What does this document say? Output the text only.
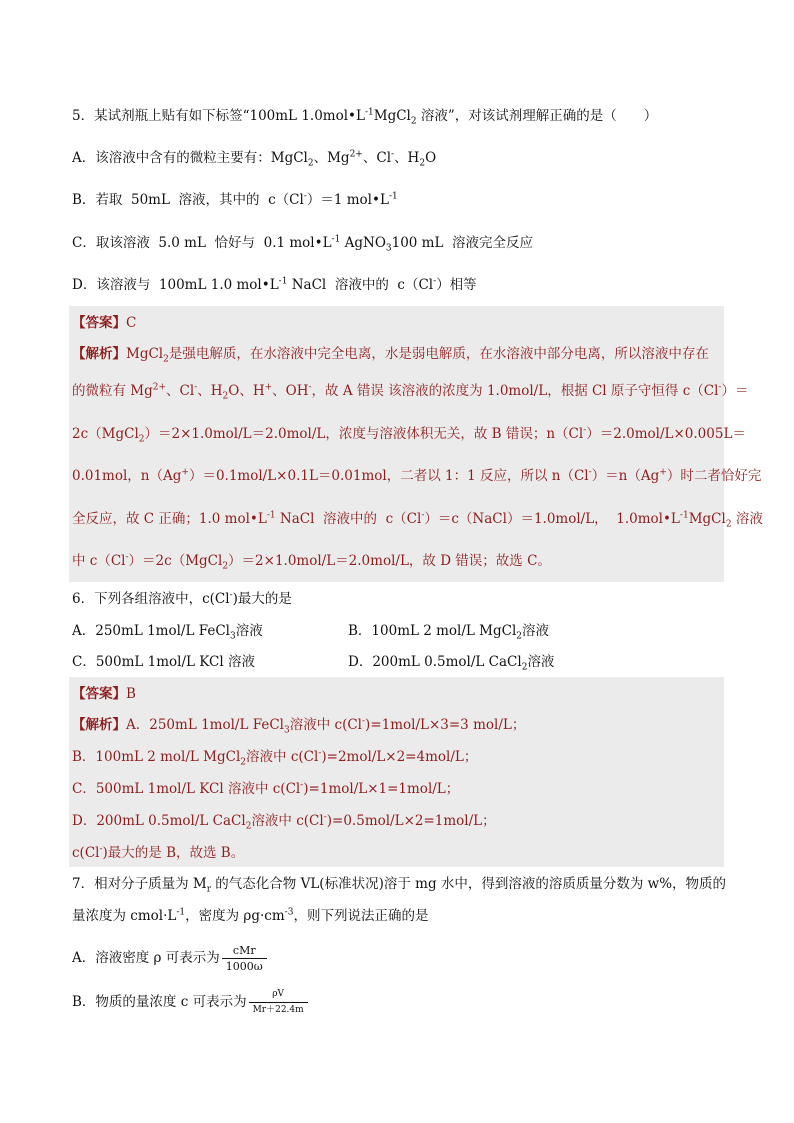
5．某试剂瓶上贴有如下标签“100mL $1.0mol•L^{-1}MgCl_2$ 溶液”，对该试剂理解正确的是（　　）
A．该溶液中含有的微粒主要有：MgCl$_2$、$Mg^{2+}$、Cl-、$H_2O$
B．若取  50mL  溶液，其中的  c（Cl-）＝1 $mol•L^{-1}$
C．取该溶液  5.0 mL  恰好与  0.1 $mol•L^{-1}$ AgNO$_3$100 mL  溶液完全反应
D．该溶液与  100mL 1.0 $mol•L^{-1}$ NaCl  溶液中的  c（Cl-）相等
【答案】C
【解析】MgCl$_2$是强电解质，在水溶液中完全电离，水是弱电解质，在水溶液中部分电离，所以溶液中存在
的微粒有 $Mg^{2+}$、Cl-、$H_2O$、H+、OH-，故 A 错误 该溶液的浓度为 1.0mol/L，根据 Cl 原子守恒得 c（Cl-）＝
2c（MgCl$_2$）＝2×1.0mol/L＝2.0mol/L，浓度与溶液体积无关，故 B 错误；n（Cl-）＝2.0mol/L×0.005L＝
0.01mol，n（Ag+）＝0.1mol/L×0.1L＝0.01mol，二者以 1：1 反应，所以 n（Cl-）＝n（Ag+）时二者恰好完
全反应，故 C 正确；1.0 $mol•L^{-1}$ NaCl  溶液中的  c（Cl-）＝c（NaCl）＝1.0mol/L，  $1.0mol•L^{-1}MgCl_2$ 溶液
中 c（Cl-）＝2c（MgCl$_2$）＝2×1.0mol/L＝2.0mol/L，故 D 错误；故选 C。
6．下列各组溶液中，c(Cl-)最大的是
A．250mL 1mol/L FeCl$_3$溶液	B．100mL 2 mol/L MgCl$_2$溶液
C．500mL 1mol/L KCl 溶液	D．200mL 0.5mol/L CaCl$_2$溶液
【答案】B
【解析】A．250mL 1mol/L FeCl$_3$溶液中 c(Cl-)=1mol/L×3=3 mol/L；
B．100mL 2 mol/L MgCl$_2$溶液中 c(Cl-)=2mol/L×2=4mol/L；
C．500mL 1mol/L KCl 溶液中 c(Cl-)=1mol/L×1=1mol/L；
D．200mL 0.5mol/L CaCl$_2$溶液中 c(Cl-)=0.5mol/L×2=1mol/L；
c(Cl-)最大的是 B，故选 B。
7．相对分子质量为 $M_r$ 的气态化合物 VL(标准状况)溶于 mg 水中，得到溶液的溶质质量分数为 w%，物质的
量浓度为 $cmol\cdot L^{-1}$，密度为 $\rho g\cdot cm^{-3}$，则下列说法正确的是
A．溶液密度 ρ 可表示为 $\frac{\text{cMr}}{1000\omega}$
B．物质的量浓度 c 可表示为 $\frac{\rho V}{Mr+22.4m}$
